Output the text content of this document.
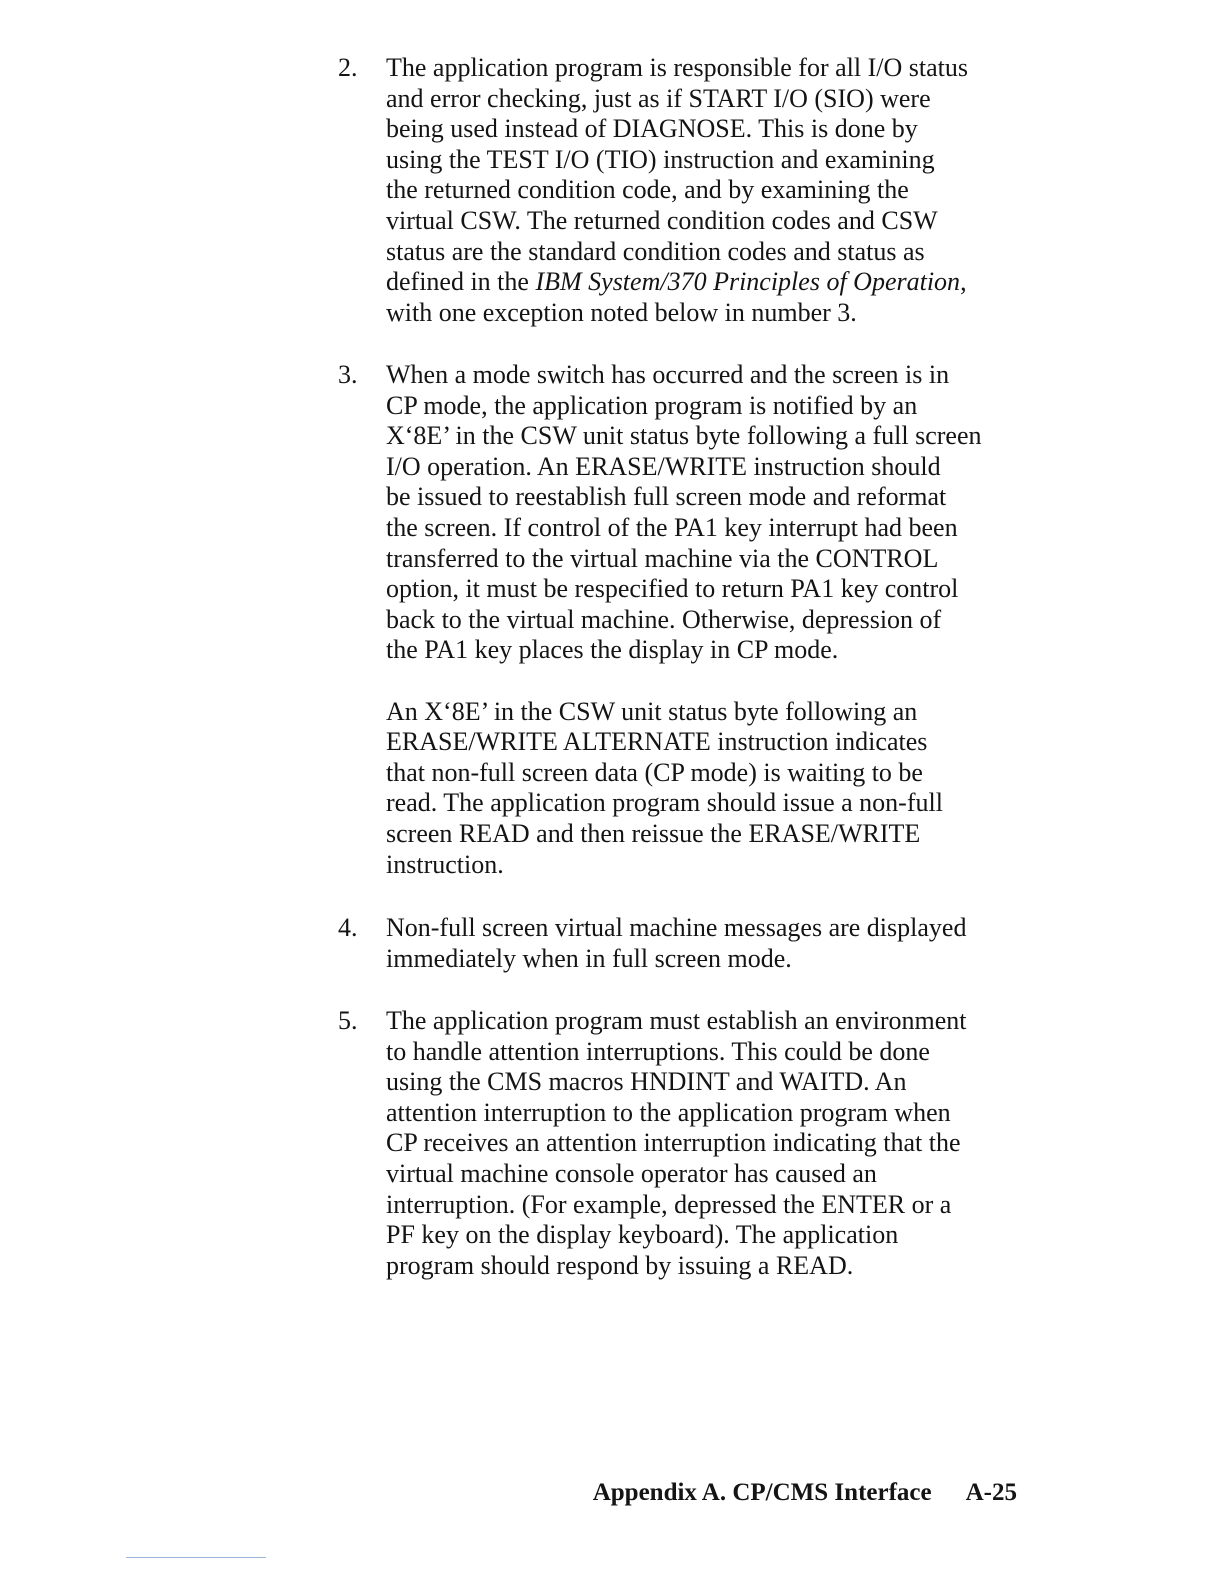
2.	The application program is responsible for all I/O status
and error checking, just as if START I/O (SIO) were
being used instead of DIAGNOSE. This is done by
using the TEST I/O (TIO) instruction and examining
the returned condition code, and by examining the
virtual CSW. The returned condition codes and CSW
status are the standard condition codes and status as
defined in the IBM System/370 Principles of Operation,
with one exception noted below in number 3.

3.	When a mode switch has occurred and the screen is in
CP mode, the application program is notified by an
X‘8E’ in the CSW unit status byte following a full screen
I/O operation. An ERASE/WRITE instruction should
be issued to reestablish full screen mode and reformat
the screen. If control of the PA1 key interrupt had been
transferred to the virtual machine via the CONTROL
option, it must be respecified to return PA1 key control
back to the virtual machine. Otherwise, depression of
the PA1 key places the display in CP mode.

An X‘8E’ in the CSW unit status byte following an
ERASE/WRITE ALTERNATE instruction indicates
that non-full screen data (CP mode) is waiting to be
read. The application program should issue a non-full
screen READ and then reissue the ERASE/WRITE
instruction.

4.	Non-full screen virtual machine messages are displayed
immediately when in full screen mode.

5.	The application program must establish an environment
to handle attention interruptions. This could be done
using the CMS macros HNDINT and WAITD. An
attention interruption to the application program when
CP receives an attention interruption indicating that the
virtual machine console operator has caused an
interruption. (For example, depressed the ENTER or a
PF key on the display keyboard). The application
program should respond by issuing a READ.

Appendix A. CP/CMS Interface A-25
